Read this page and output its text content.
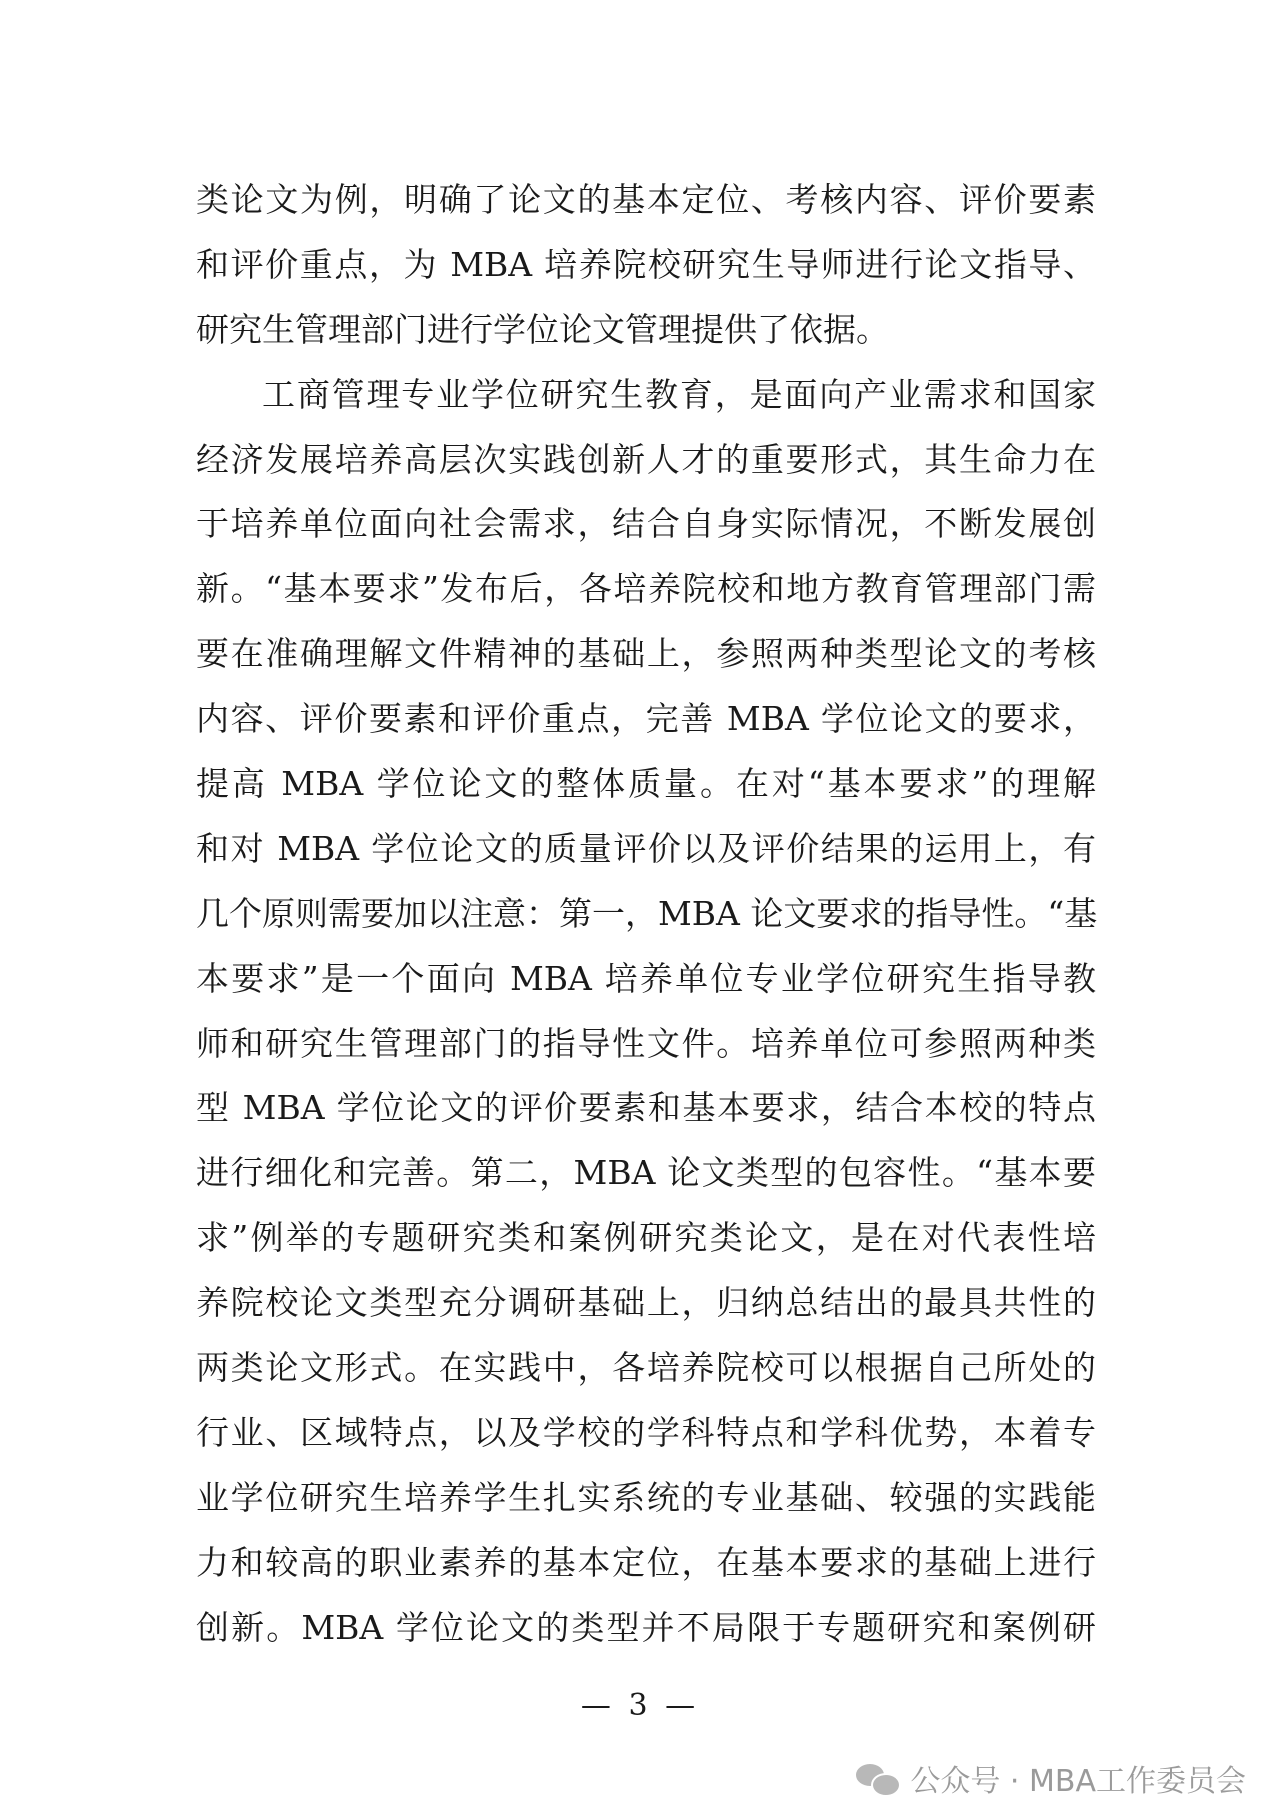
类论文为例，明确了论文的基本定位、考核内容、评价要素
和评价重点，为 MBA 培养院校研究生导师进行论文指导、
研究生管理部门进行学位论文管理提供了依据。
工商管理专业学位研究生教育，是面向产业需求和国家
经济发展培养高层次实践创新人才的重要形式，其生命力在
于培养单位面向社会需求，结合自身实际情况，不断发展创
新。“基本要求”发布后，各培养院校和地方教育管理部门需
要在准确理解文件精神的基础上，参照两种类型论文的考核
内容、评价要素和评价重点，完善 MBA 学位论文的要求，
提高 MBA 学位论文的整体质量。在对“基本要求”的理解
和对 MBA 学位论文的质量评价以及评价结果的运用上，有
几个原则需要加以注意：第一，MBA 论文要求的指导性。“基
本要求”是一个面向 MBA 培养单位专业学位研究生指导教
师和研究生管理部门的指导性文件。培养单位可参照两种类
型 MBA 学位论文的评价要素和基本要求，结合本校的特点
进行细化和完善。第二，MBA 论文类型的包容性。“基本要
求”例举的专题研究类和案例研究类论文，是在对代表性培
养院校论文类型充分调研基础上，归纳总结出的最具共性的
两类论文形式。在实践中，各培养院校可以根据自己所处的
行业、区域特点，以及学校的学科特点和学科优势，本着专
业学位研究生培养学生扎实系统的专业基础、较强的实践能
力和较高的职业素养的基本定位，在基本要求的基础上进行
创新。MBA 学位论文的类型并不局限于专题研究和案例研
— 3 —
公众号 · MBA工作委员会
